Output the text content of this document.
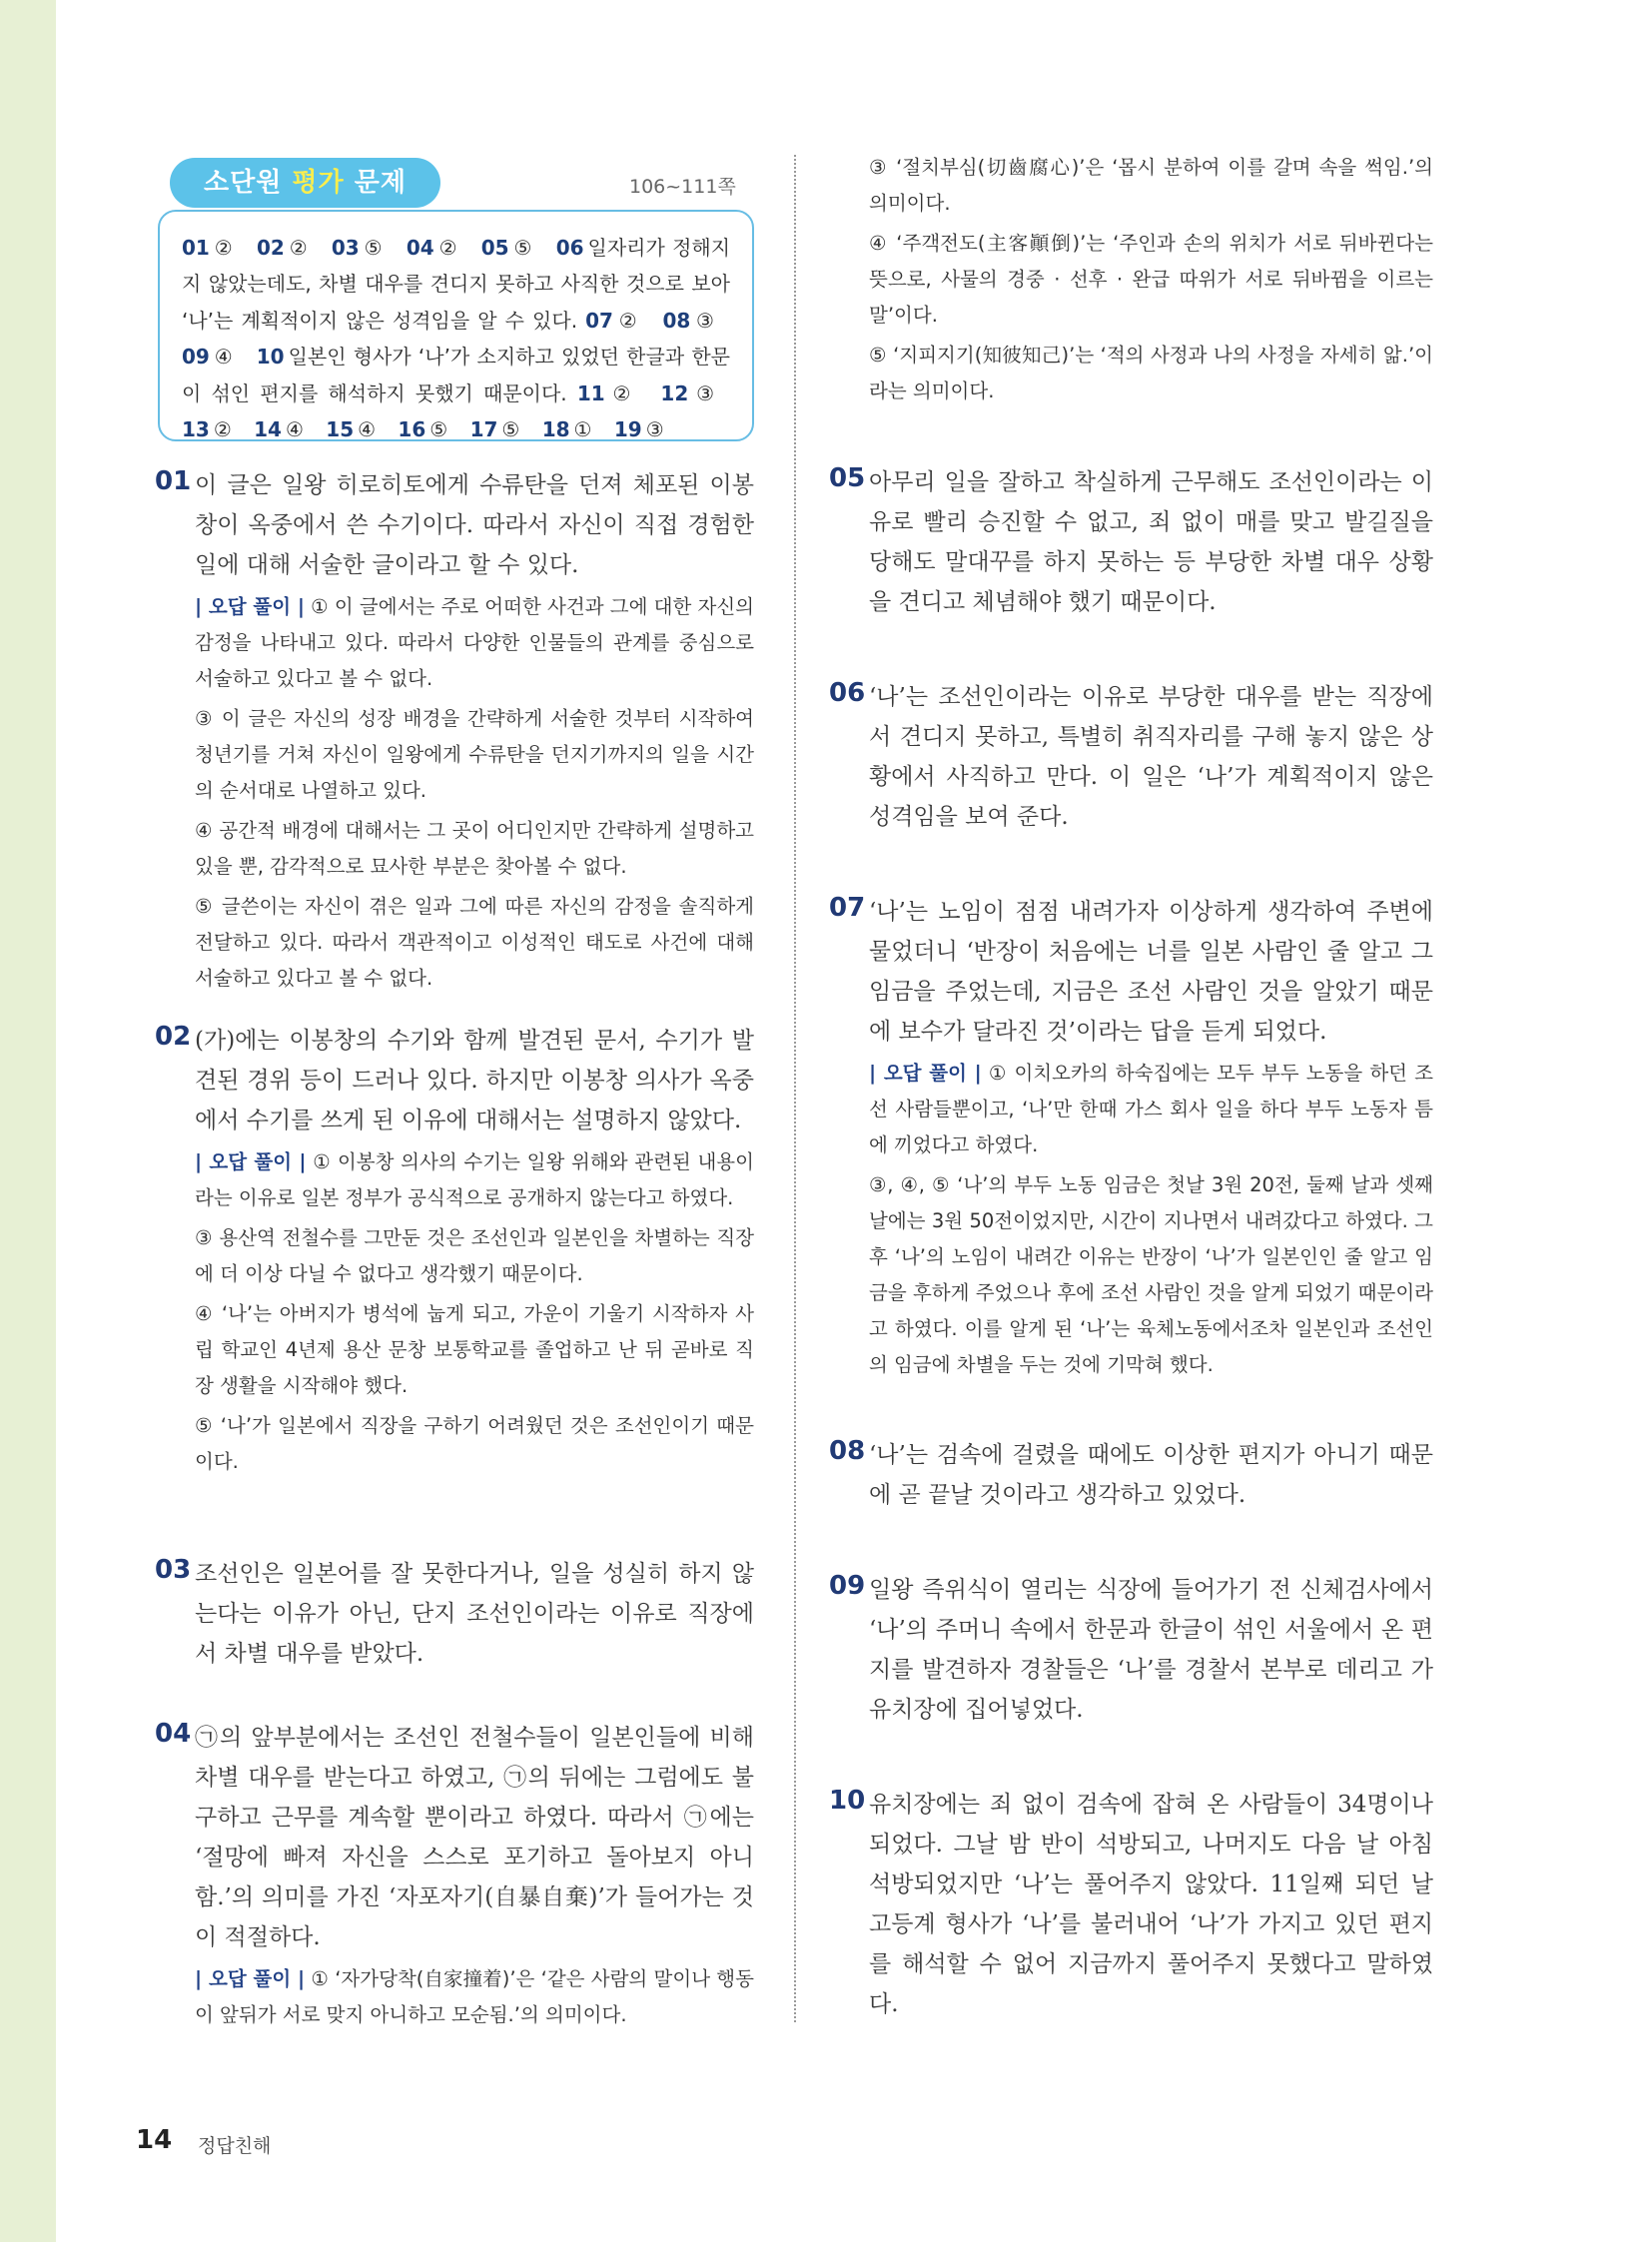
소단원 평가 문제	106~111쪽

01 ② 02 ② 03 ⑤ 04 ② 05 ⑤ 06 일자리가 정해지지 않았는데도, 차별 대우를 견디지 못하고 사직한 것으로 보아 ‘나’는 계획적이지 않은 성격임을 알 수 있다. 07 ② 08 ③ 09 ④ 10 일본인 형사가 ‘나’가 소지하고 있었던 한글과 한문이 섞인 편지를 해석하지 못했기 때문이다. 11 ② 12 ③ 13 ② 14 ④ 15 ④ 16 ⑤ 17 ⑤ 18 ① 19 ③

01 이 글은 일왕 히로히토에게 수류탄을 던져 체포된 이봉창이 옥중에서 쓴 수기이다. 따라서 자신이 직접 경험한 일에 대해 서술한 글이라고 할 수 있다.

| 오답 풀이 | ① 이 글에서는 주로 어떠한 사건과 그에 대한 자신의 감정을 나타내고 있다. 따라서 다양한 인물들의 관계를 중심으로 서술하고 있다고 볼 수 없다.

③ 이 글은 자신의 성장 배경을 간략하게 서술한 것부터 시작하여 청년기를 거쳐 자신이 일왕에게 수류탄을 던지기까지의 일을 시간의 순서대로 나열하고 있다.

④ 공간적 배경에 대해서는 그 곳이 어디인지만 간략하게 설명하고 있을 뿐, 감각적으로 묘사한 부분은 찾아볼 수 없다.

⑤ 글쓴이는 자신이 겪은 일과 그에 따른 자신의 감정을 솔직하게 전달하고 있다. 따라서 객관적이고 이성적인 태도로 사건에 대해 서술하고 있다고 볼 수 없다.

02 (가)에는 이봉창의 수기와 함께 발견된 문서, 수기가 발견된 경위 등이 드러나 있다. 하지만 이봉창 의사가 옥중에서 수기를 쓰게 된 이유에 대해서는 설명하지 않았다.

| 오답 풀이 | ① 이봉창 의사의 수기는 일왕 위해와 관련된 내용이라는 이유로 일본 정부가 공식적으로 공개하지 않는다고 하였다.

③ 용산역 전철수를 그만둔 것은 조선인과 일본인을 차별하는 직장에 더 이상 다닐 수 없다고 생각했기 때문이다.

④ ‘나’는 아버지가 병석에 눕게 되고, 가운이 기울기 시작하자 사립 학교인 4년제 용산 문창 보통학교를 졸업하고 난 뒤 곧바로 직장 생활을 시작해야 했다.

⑤ ‘나’가 일본에서 직장을 구하기 어려웠던 것은 조선인이기 때문이다.

03 조선인은 일본어를 잘 못한다거나, 일을 성실히 하지 않는다는 이유가 아닌, 단지 조선인이라는 이유로 직장에서 차별 대우를 받았다.

04 ㉠의 앞부분에서는 조선인 전철수들이 일본인들에 비해 차별 대우를 받는다고 하였고, ㉠의 뒤에는 그럼에도 불구하고 근무를 계속할 뿐이라고 하였다. 따라서 ㉠에는 ‘절망에 빠져 자신을 스스로 포기하고 돌아보지 아니함.’의 의미를 가진 ‘자포자기(自暴自棄)’가 들어가는 것이 적절하다.

| 오답 풀이 | ① ‘자가당착(自家撞着)’은 ‘같은 사람의 말이나 행동이 앞뒤가 서로 맞지 아니하고 모순됨.’의 의미이다.

③ ‘절치부심(切齒腐心)’은 ‘몹시 분하여 이를 갈며 속을 썩임.’의 의미이다.

④ ‘주객전도(主客顚倒)’는 ‘주인과 손의 위치가 서로 뒤바뀐다는 뜻으로, 사물의 경중 · 선후 · 완급 따위가 서로 뒤바뀜을 이르는 말’이다.

⑤ ‘지피지기(知彼知己)’는 ‘적의 사정과 나의 사정을 자세히 앎.’이라는 의미이다.

05 아무리 일을 잘하고 착실하게 근무해도 조선인이라는 이유로 빨리 승진할 수 없고, 죄 없이 매를 맞고 발길질을 당해도 말대꾸를 하지 못하는 등 부당한 차별 대우 상황을 견디고 체념해야 했기 때문이다.

06 ‘나’는 조선인이라는 이유로 부당한 대우를 받는 직장에서 견디지 못하고, 특별히 취직자리를 구해 놓지 않은 상황에서 사직하고 만다. 이 일은 ‘나’가 계획적이지 않은 성격임을 보여 준다.

07 ‘나’는 노임이 점점 내려가자 이상하게 생각하여 주변에 물었더니 ‘반장이 처음에는 너를 일본 사람인 줄 알고 그 임금을 주었는데, 지금은 조선 사람인 것을 알았기 때문에 보수가 달라진 것’이라는 답을 듣게 되었다.

| 오답 풀이 | ① 이치오카의 하숙집에는 모두 부두 노동을 하던 조선 사람들뿐이고, ‘나’만 한때 가스 회사 일을 하다 부두 노동자 틈에 끼었다고 하였다.

③, ④, ⑤ ‘나’의 부두 노동 임금은 첫날 3원 20전, 둘째 날과 셋째 날에는 3원 50전이었지만, 시간이 지나면서 내려갔다고 하였다. 그 후 ‘나’의 노임이 내려간 이유는 반장이 ‘나’가 일본인인 줄 알고 임금을 후하게 주었으나 후에 조선 사람인 것을 알게 되었기 때문이라고 하였다. 이를 알게 된 ‘나’는 육체노동에서조차 일본인과 조선인의 임금에 차별을 두는 것에 기막혀 했다.

08 ‘나’는 검속에 걸렸을 때에도 이상한 편지가 아니기 때문에 곧 끝날 것이라고 생각하고 있었다.

09 일왕 즉위식이 열리는 식장에 들어가기 전 신체검사에서 ‘나’의 주머니 속에서 한문과 한글이 섞인 서울에서 온 편지를 발견하자 경찰들은 ‘나’를 경찰서 본부로 데리고 가 유치장에 집어넣었다.

10 유치장에는 죄 없이 검속에 잡혀 온 사람들이 34명이나 되었다. 그날 밤 반이 석방되고, 나머지도 다음 날 아침 석방되었지만 ‘나’는 풀어주지 않았다. 11일째 되던 날 고등계 형사가 ‘나’를 불러내어 ‘나’가 가지고 있던 편지를 해석할 수 없어 지금까지 풀어주지 못했다고 말하였다.

14 정답친해
